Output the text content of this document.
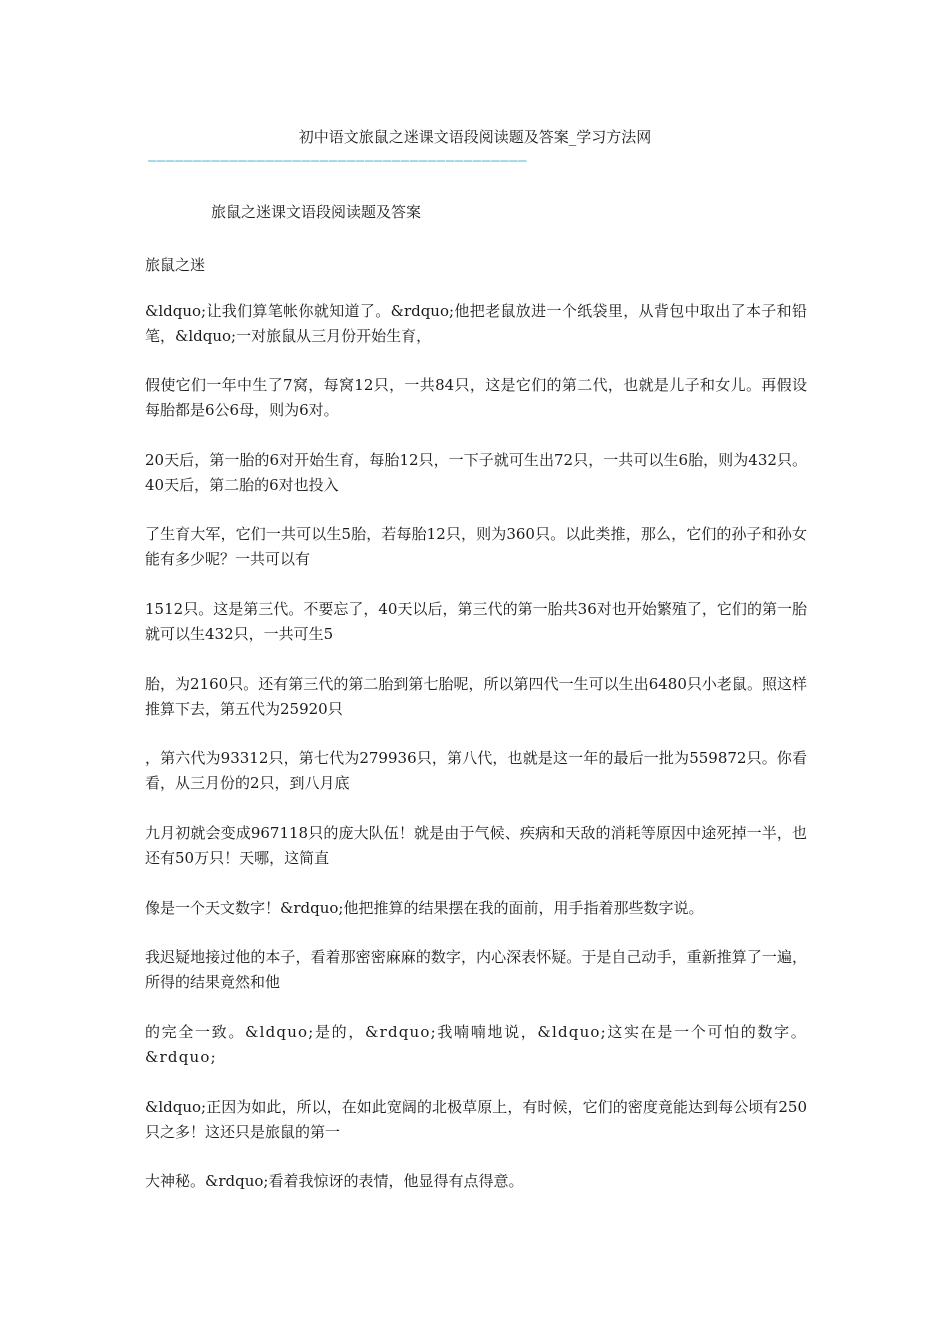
初中语文旅鼠之迷课文语段阅读题及答案_学习方法网
——————————————————————————————————————————
旅鼠之迷课文语段阅读题及答案
旅鼠之迷
&ldquo;让我们算笔帐你就知道了。&rdquo;他把老鼠放进一个纸袋里，从背包中取出了本子和铅笔，&ldquo;一对旅鼠从三月份开始生育，
假使它们一年中生了7窝，每窝12只，一共84只，这是它们的第二代，也就是儿子和女儿。再假设每胎都是6公6母，则为6对。
20天后，第一胎的6对开始生育，每胎12只，一下子就可生出72只，一共可以生6胎，则为432只。40天后，第二胎的6对也投入
了生育大军，它们一共可以生5胎，若每胎12只，则为360只。以此类推，那么，它们的孙子和孙女能有多少呢？一共可以有
1512只。这是第三代。不要忘了，40天以后，第三代的第一胎共36对也开始繁殖了，它们的第一胎就可以生432只，一共可生5
胎，为2160只。还有第三代的第二胎到第七胎呢，所以第四代一生可以生出6480只小老鼠。照这样推算下去，第五代为25920只
，第六代为93312只，第七代为279936只，第八代，也就是这一年的最后一批为559872只。你看看，从三月份的2只，到八月底
九月初就会变成967118只的庞大队伍！就是由于气候、疾病和天敌的消耗等原因中途死掉一半，也还有50万只！天哪，这简直
像是一个天文数字！&rdquo;他把推算的结果摆在我的面前，用手指着那些数字说。
我迟疑地接过他的本子，看着那密密麻麻的数字，内心深表怀疑。于是自己动手，重新推算了一遍，所得的结果竟然和他
的完全一致。&ldquo;是的，&rdquo;我喃喃地说，&ldquo;这实在是一个可怕的数字。&rdquo;
&ldquo;正因为如此，所以，在如此宽阔的北极草原上，有时候，它们的密度竟能达到每公顷有250只之多！这还只是旅鼠的第一
大神秘。&rdquo;看着我惊讶的表情，他显得有点得意。
